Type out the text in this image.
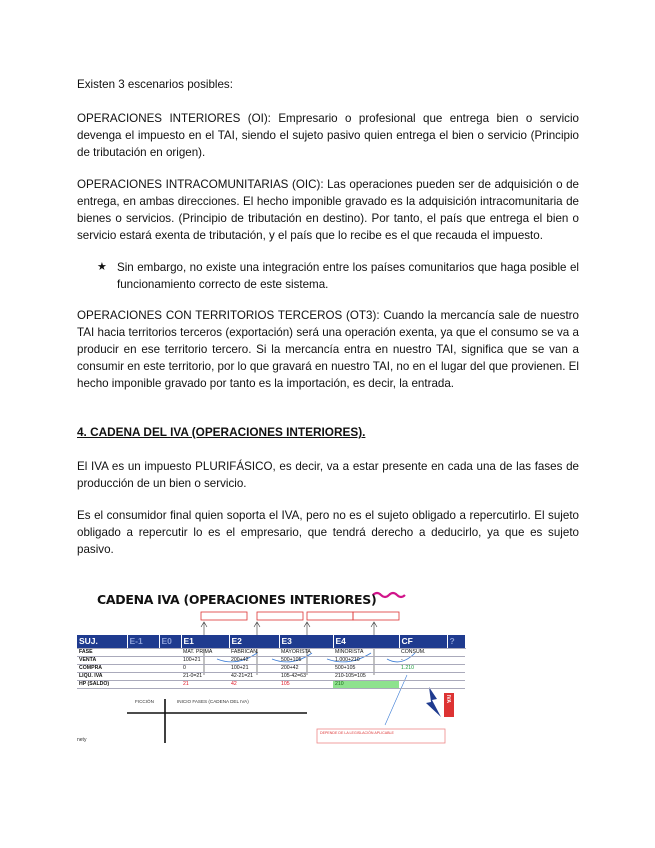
Existen 3 escenarios posibles:

OPERACIONES INTERIORES (OI): Empresario o profesional que entrega bien o servicio devenga el impuesto en el TAI, siendo el sujeto pasivo quien entrega el bien o servicio (Principio de tributación en origen).

OPERACIONES INTRACOMUNITARIAS (OIC): Las operaciones pueden ser de adquisición o de entrega, en ambas direcciones. El hecho imponible gravado es la adquisición intracomunitaria de bienes o servicios. (Principio de tributación en destino). Por tanto, el país que entrega el bien o servicio estará exenta de tributación, y el país que lo recibe es el que recauda el impuesto.

★ Sin embargo, no existe una integración entre los países comunitarios que haga posible el funcionamiento correcto de este sistema.

OPERACIONES CON TERRITORIOS TERCEROS (OT3): Cuando la mercancía sale de nuestro TAI hacia territorios terceros (exportación) será una operación exenta, ya que el consumo se va a producir en ese territorio tercero. Si la mercancía entra en nuestro TAI, significa que se van a consumir en este territorio, por lo que gravará en nuestro TAI, no en el lugar del que provienen. El hecho imponible gravado por tanto es la importación, es decir, la entrada.

4. CADENA DEL IVA (OPERACIONES INTERIORES).

El IVA es un impuesto PLURIFÁSICO, es decir, va a estar presente en cada una de las fases de producción de un bien o servicio.

Es el consumidor final quien soporta el IVA, pero no es el sujeto obligado a repercutirlo. El sujeto obligado a repercutir lo es el empresario, que tendrá derecho a deducirlo, ya que es sujeto pasivo.

CADENA IVA (OPERACIONES INTERIORES)
SUJ.	E-1	E0	E1	E2	E3	E4	CF	?
FASE			MAT. PRIMA	FABRICAN.	MAYORISTA	MINORISTA	CONSUM.	
VENTA			100+21	200+42	500+105	1.000+210	-	
COMPRA			0	100+21	200+42	500+105	1.210	
LIQU. IVA			21-0=21	42-21=21	105-42=63	210-105=105		
HP (SALDO)			21	42	105	210		
FICCIÓN	INICIO FASES (CADENA DEL IVA)	IVA
DEPENDE DE LA LEGISLACIÓN APLICABLE
nety
